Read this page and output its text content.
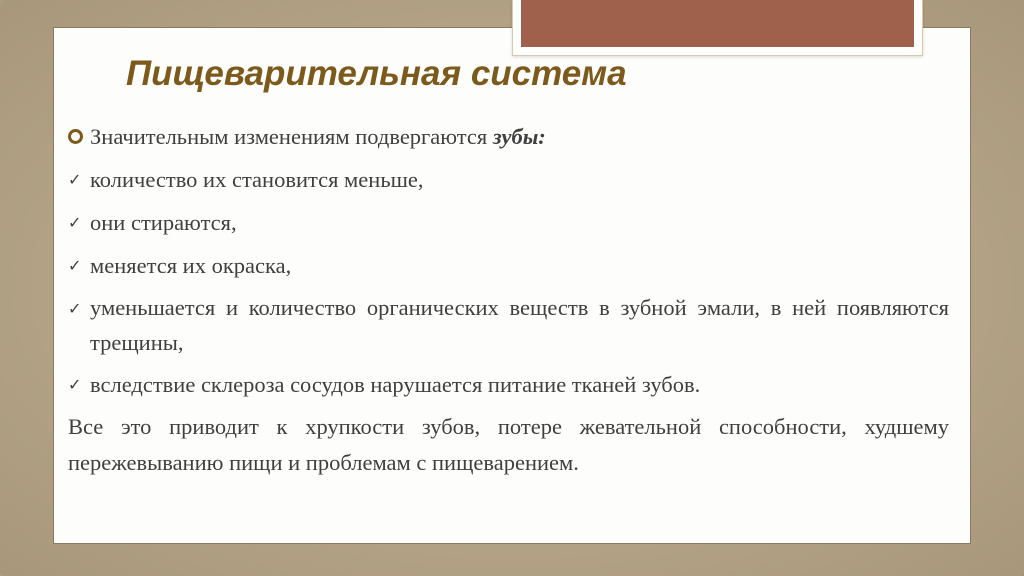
Пищеварительная система

Значительным изменениям подвергаются зубы:

✓ количество их становится меньше,

✓ они стираются,

✓ меняется их окраска,

✓ уменьшается и количество органических веществ в зубной эмали, в ней появляются трещины,

✓ вследствие склероза сосудов нарушается питание тканей зубов.

Все это приводит к хрупкости зубов, потере жевательной способности, худшему пережевыванию пищи и проблемам с пищеварением.
